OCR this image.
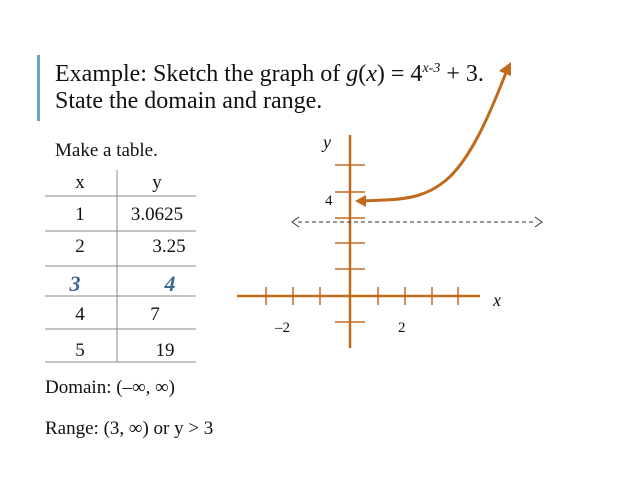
Example: Sketch the graph of $g(x) = 4^{x-3} + 3$.
State the domain and range.
Make a table.
x
y
–2	2
4
x	y
1	3.0625
2	3.25
3	4
4	7
5	19
Domain: (–∞, ∞)
Range: (3, ∞) or y > 3
